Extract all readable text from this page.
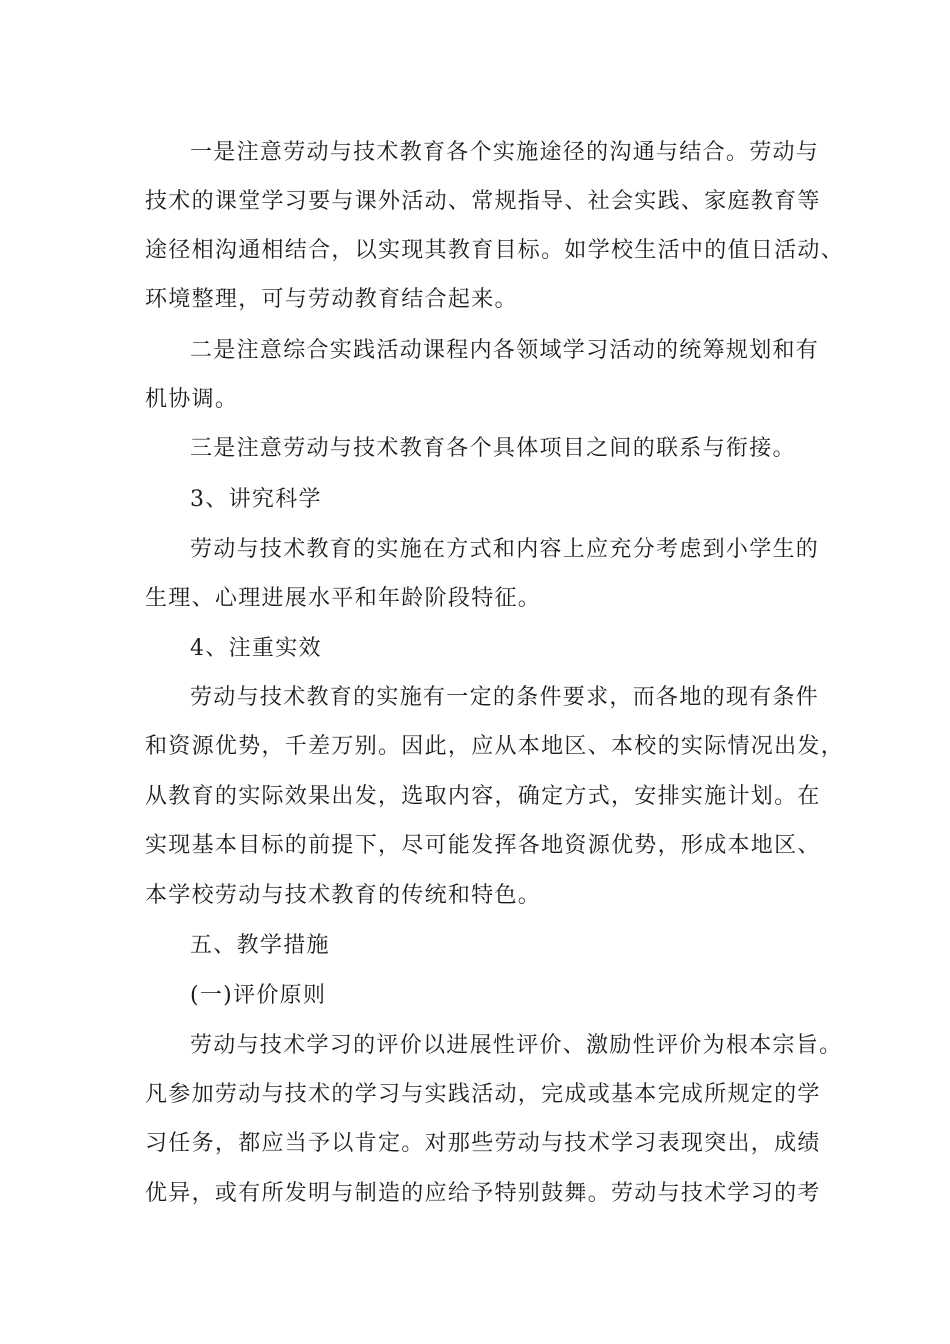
一是注意劳动与技术教育各个实施途径的沟通与结合。劳动与
技术的课堂学习要与课外活动、常规指导、社会实践、家庭教育等
途径相沟通相结合，以实现其教育目标。如学校生活中的值日活动、
环境整理，可与劳动教育结合起来。
二是注意综合实践活动课程内各领域学习活动的统筹规划和有
机协调。
三是注意劳动与技术教育各个具体项目之间的联系与衔接。
3、讲究科学
劳动与技术教育的实施在方式和内容上应充分考虑到小学生的
生理、心理进展水平和年龄阶段特征。
4、注重实效
劳动与技术教育的实施有一定的条件要求，而各地的现有条件
和资源优势，千差万别。因此，应从本地区、本校的实际情况出发，
从教育的实际效果出发，选取内容，确定方式，安排实施计划。在
实现基本目标的前提下，尽可能发挥各地资源优势，形成本地区、
本学校劳动与技术教育的传统和特色。
五、教学措施
(一)评价原则
劳动与技术学习的评价以进展性评价、激励性评价为根本宗旨。
凡参加劳动与技术的学习与实践活动，完成或基本完成所规定的学
习任务，都应当予以肯定。对那些劳动与技术学习表现突出，成绩
优异，或有所发明与制造的应给予特别鼓舞。劳动与技术学习的考
